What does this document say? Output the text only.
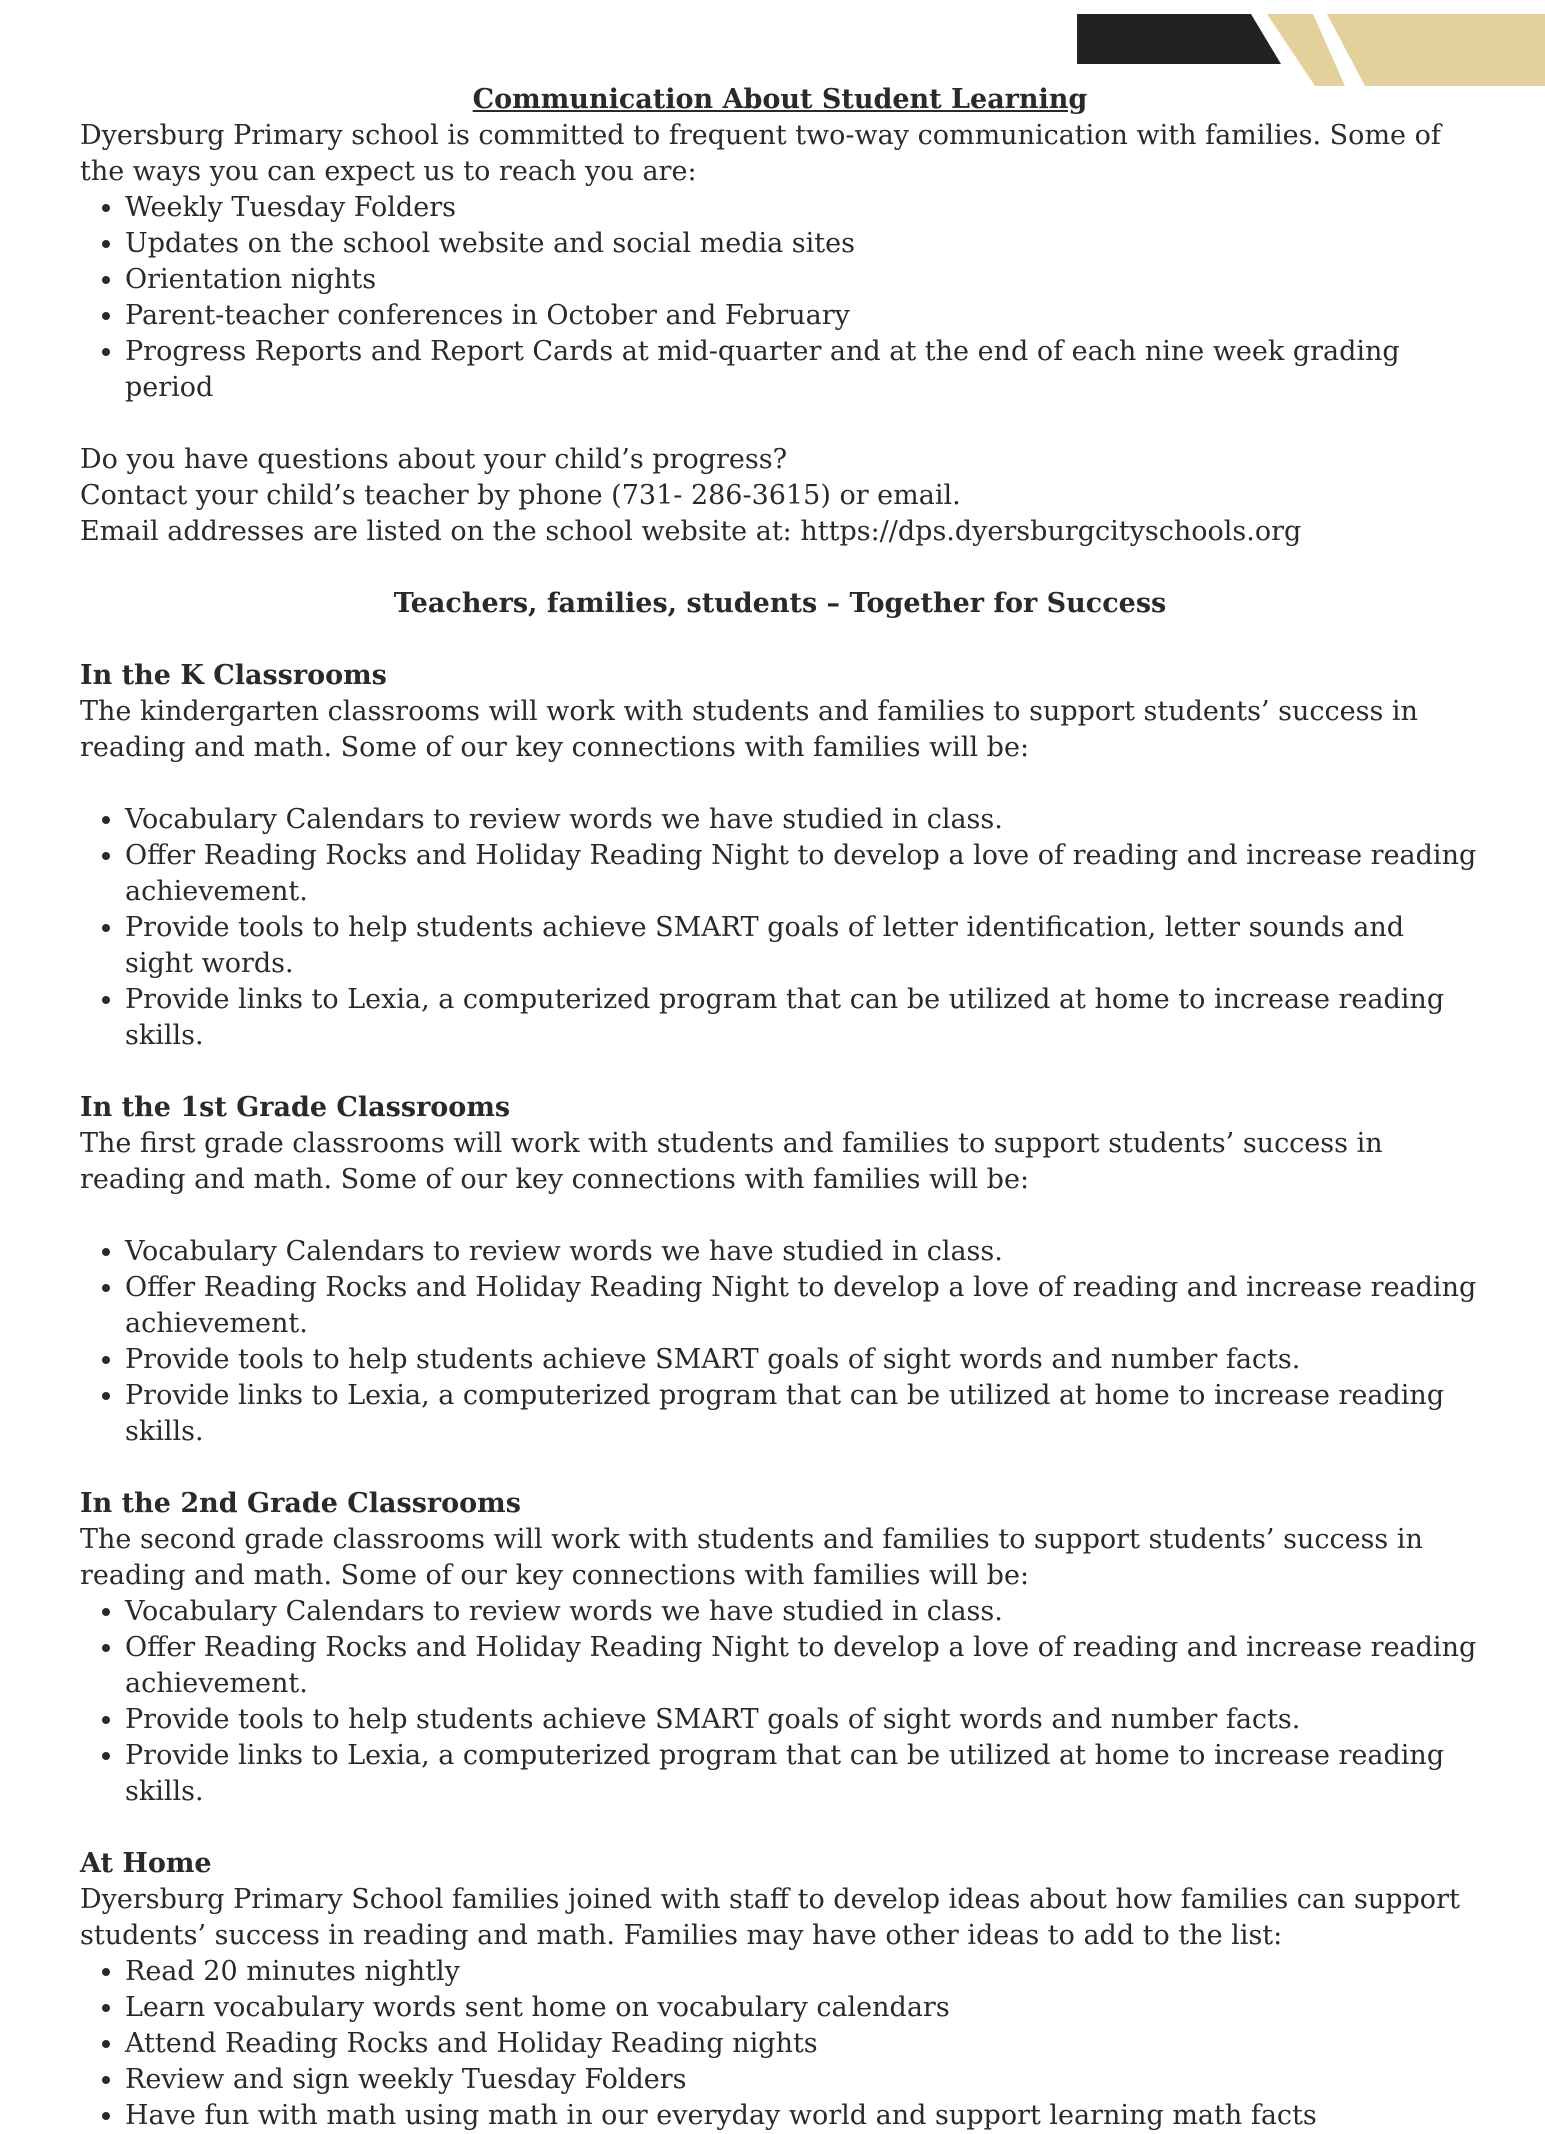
Communication About Student Learning

Dyersburg Primary school is committed to frequent two-way communication with families. Some of the ways you can expect us to reach you are:

• Weekly Tuesday Folders
• Updates on the school website and social media sites
• Orientation nights
• Parent-teacher conferences in October and February
• Progress Reports and Report Cards at mid-quarter and at the end of each nine week grading period

Do you have questions about your child’s progress?

Contact your child’s teacher by phone (731- 286-3615) or email.

Email addresses are listed on the school website at: https://dps.dyersburgcityschools.org

Teachers, families, students – Together for Success

In the K Classrooms

The kindergarten classrooms will work with students and families to support students’ success in reading and math. Some of our key connections with families will be:

• Vocabulary Calendars to review words we have studied in class.
• Offer Reading Rocks and Holiday Reading Night to develop a love of reading and increase reading achievement.
• Provide tools to help students achieve SMART goals of letter identification, letter sounds and sight words.
• Provide links to Lexia, a computerized program that can be utilized at home to increase reading skills.

In the 1st Grade Classrooms

The first grade classrooms will work with students and families to support students’ success in reading and math. Some of our key connections with families will be:

• Vocabulary Calendars to review words we have studied in class.
• Offer Reading Rocks and Holiday Reading Night to develop a love of reading and increase reading achievement.
• Provide tools to help students achieve SMART goals of sight words and number facts.
• Provide links to Lexia, a computerized program that can be utilized at home to increase reading skills.

In the 2nd Grade Classrooms

The second grade classrooms will work with students and families to support students’ success in reading and math. Some of our key connections with families will be:

• Vocabulary Calendars to review words we have studied in class.
• Offer Reading Rocks and Holiday Reading Night to develop a love of reading and increase reading achievement.
• Provide tools to help students achieve SMART goals of sight words and number facts.
• Provide links to Lexia, a computerized program that can be utilized at home to increase reading skills.

At Home

Dyersburg Primary School families joined with staff to develop ideas about how families can support students’ success in reading and math. Families may have other ideas to add to the list:

• Read 20 minutes nightly
• Learn vocabulary words sent home on vocabulary calendars
• Attend Reading Rocks and Holiday Reading nights
• Review and sign weekly Tuesday Folders
• Have fun with math using math in our everyday world and support learning math facts
